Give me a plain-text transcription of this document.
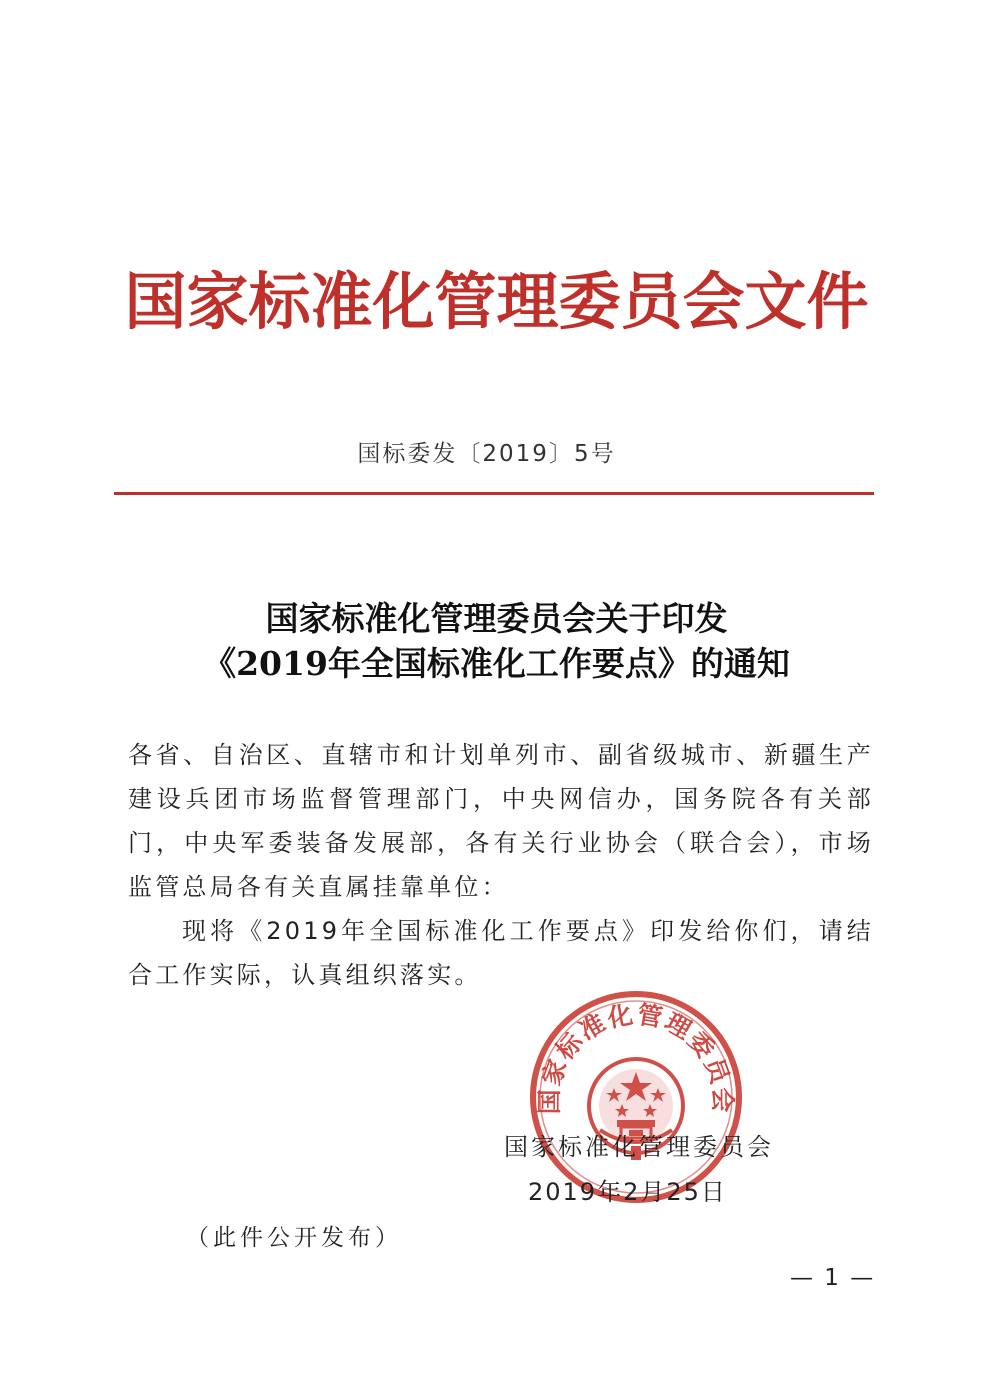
国家标准化管理委员会文件
国标委发〔2019〕5号
国家标准化管理委员会关于印发
《2019年全国标准化工作要点》的通知

各省、自治区、直辖市和计划单列市、副省级城市、新疆生产建设兵团市场监督管理部门，中央网信办，国务院各有关部门，中央军委装备发展部，各有关行业协会（联合会），市场监管总局各有关直属挂靠单位：

现将《2019年全国标准化工作要点》印发给你们，请结合工作实际，认真组织落实。

国家标准化管理委员会
国家标准化管理委员会
2019年2月25日
（此件公开发布）
— 1 —
